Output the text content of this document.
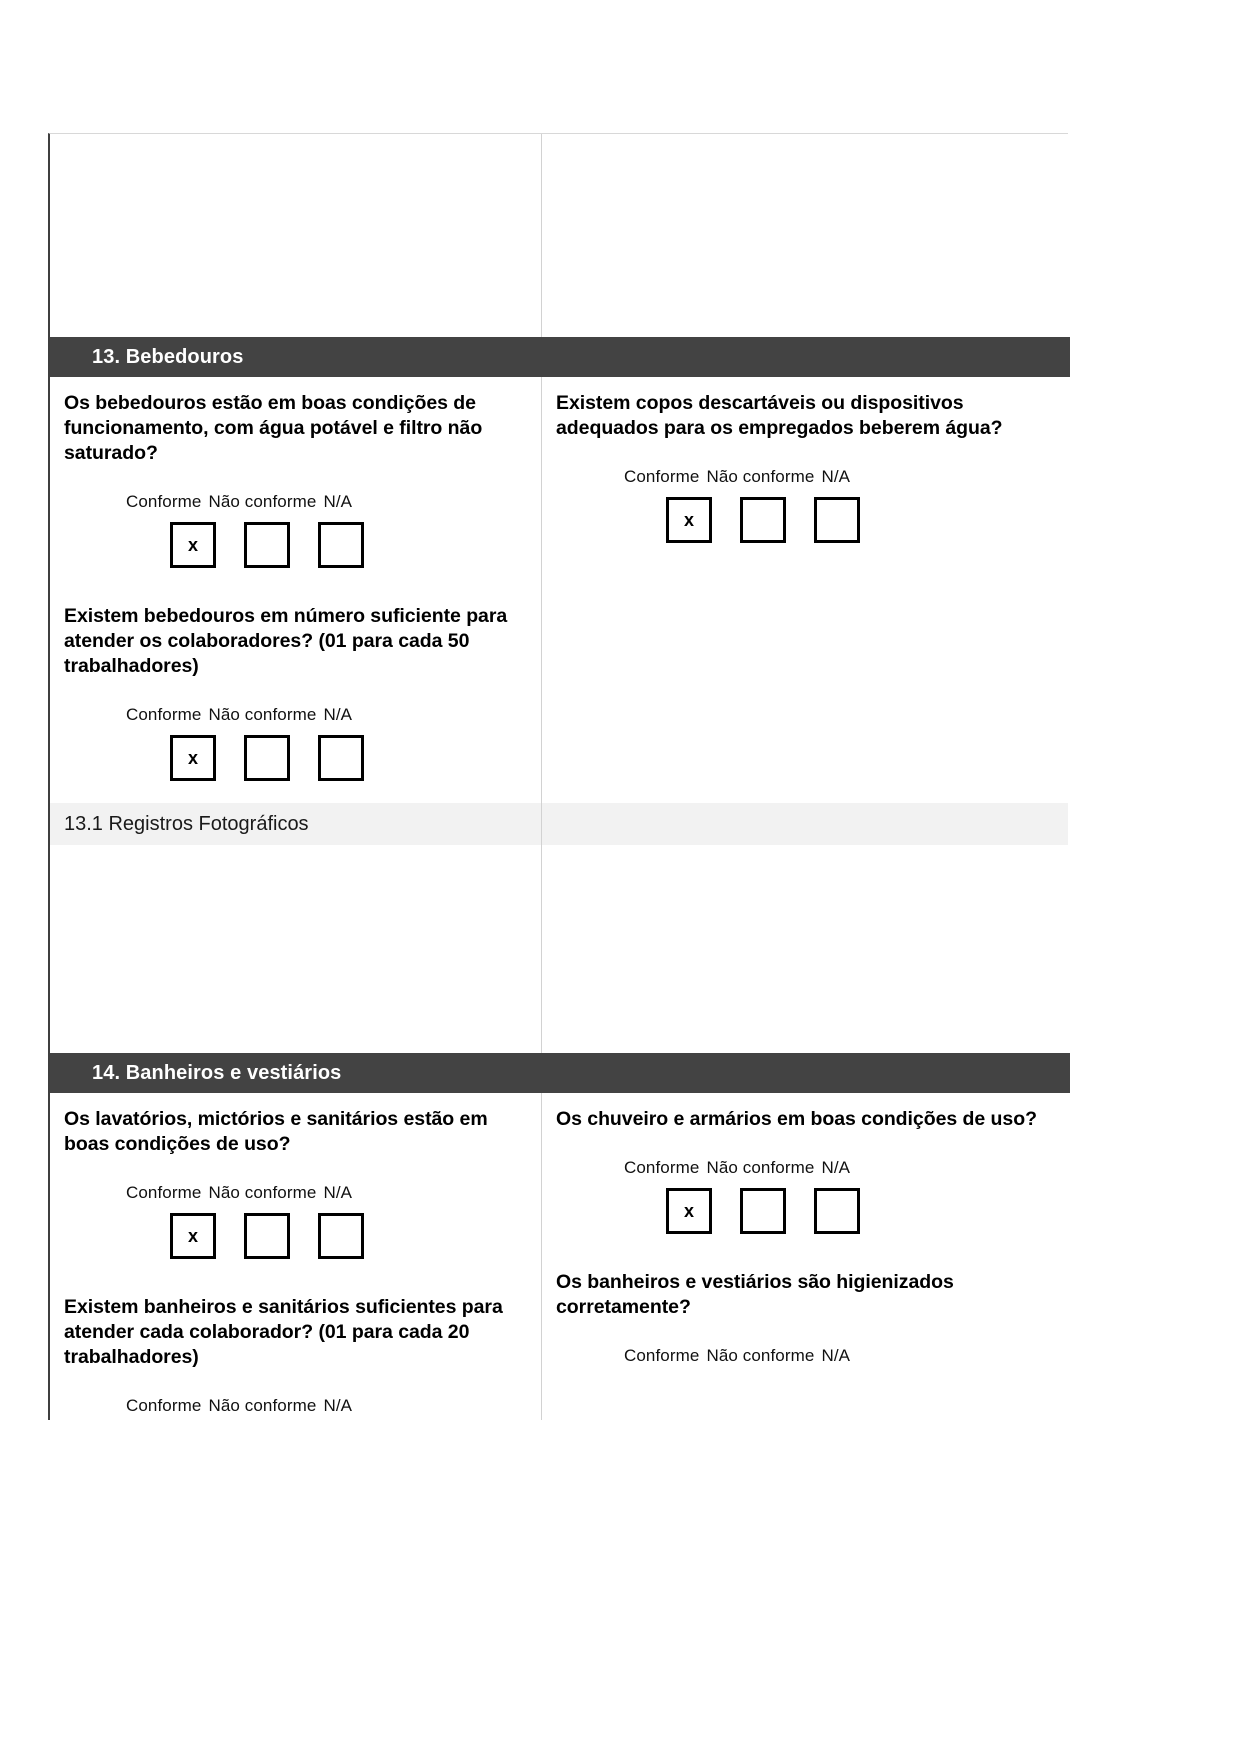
13. Bebedouros
Os bebedouros estão em boas condições de funcionamento, com água potável e filtro não saturado?
Conforme Não conforme N/A
x
Existem bebedouros em número suficiente para atender os colaboradores? (01 para cada 50 trabalhadores)
Conforme Não conforme N/A
x
Existem copos descartáveis ou dispositivos adequados para os empregados beberem água?
Conforme Não conforme N/A
x
13.1 Registros Fotográficos
14. Banheiros e vestiários
Os lavatórios, mictórios e sanitários estão em boas condições de uso?
Conforme Não conforme N/A
x
Existem banheiros e sanitários suficientes para atender cada colaborador? (01 para cada 20 trabalhadores)
Conforme Não conforme N/A
Os chuveiro e armários em boas condições de uso?
Conforme Não conforme N/A
x
Os banheiros e vestiários são higienizados corretamente?
Conforme Não conforme N/A
